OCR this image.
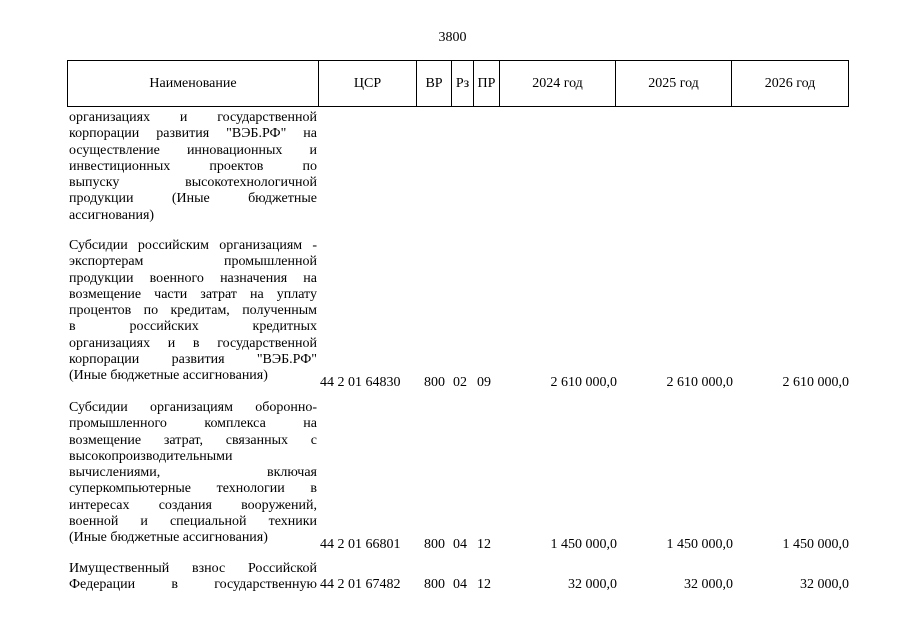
3800
Наименование	ЦСР	ВР Рз ПР	2024 год	2025 год	2026 год
организациях и государственной
корпорации развития "ВЭБ.РФ" на
осуществление инновационных и
инвестиционных проектов по
выпуску высокотехнологичной
продукции (Иные бюджетные
ассигнования)
Субсидии российским организациям -
экспортерам промышленной
продукции военного назначения на
возмещение части затрат на уплату
процентов по кредитам, полученным
в российских кредитных
организациях и в государственной
корпорации развития "ВЭБ.РФ"
(Иные бюджетные ассигнования)	44 2 01 64830 800 02 09	2 610 000,0	2 610 000,0	2 610 000,0
Субсидии организациям оборонно-
промышленного комплекса на
возмещение затрат, связанных с
высокопроизводительными
вычислениями, включая
суперкомпьютерные технологии в
интересах создания вооружений,
военной и специальной техники
(Иные бюджетные ассигнования)	44 2 01 66801 800 04 12	1 450 000,0	1 450 000,0	1 450 000,0
Имущественный взнос Российской
Федерации в государственную 44 2 01 67482 800 04 12	32 000,0	32 000,0	32 000,0
